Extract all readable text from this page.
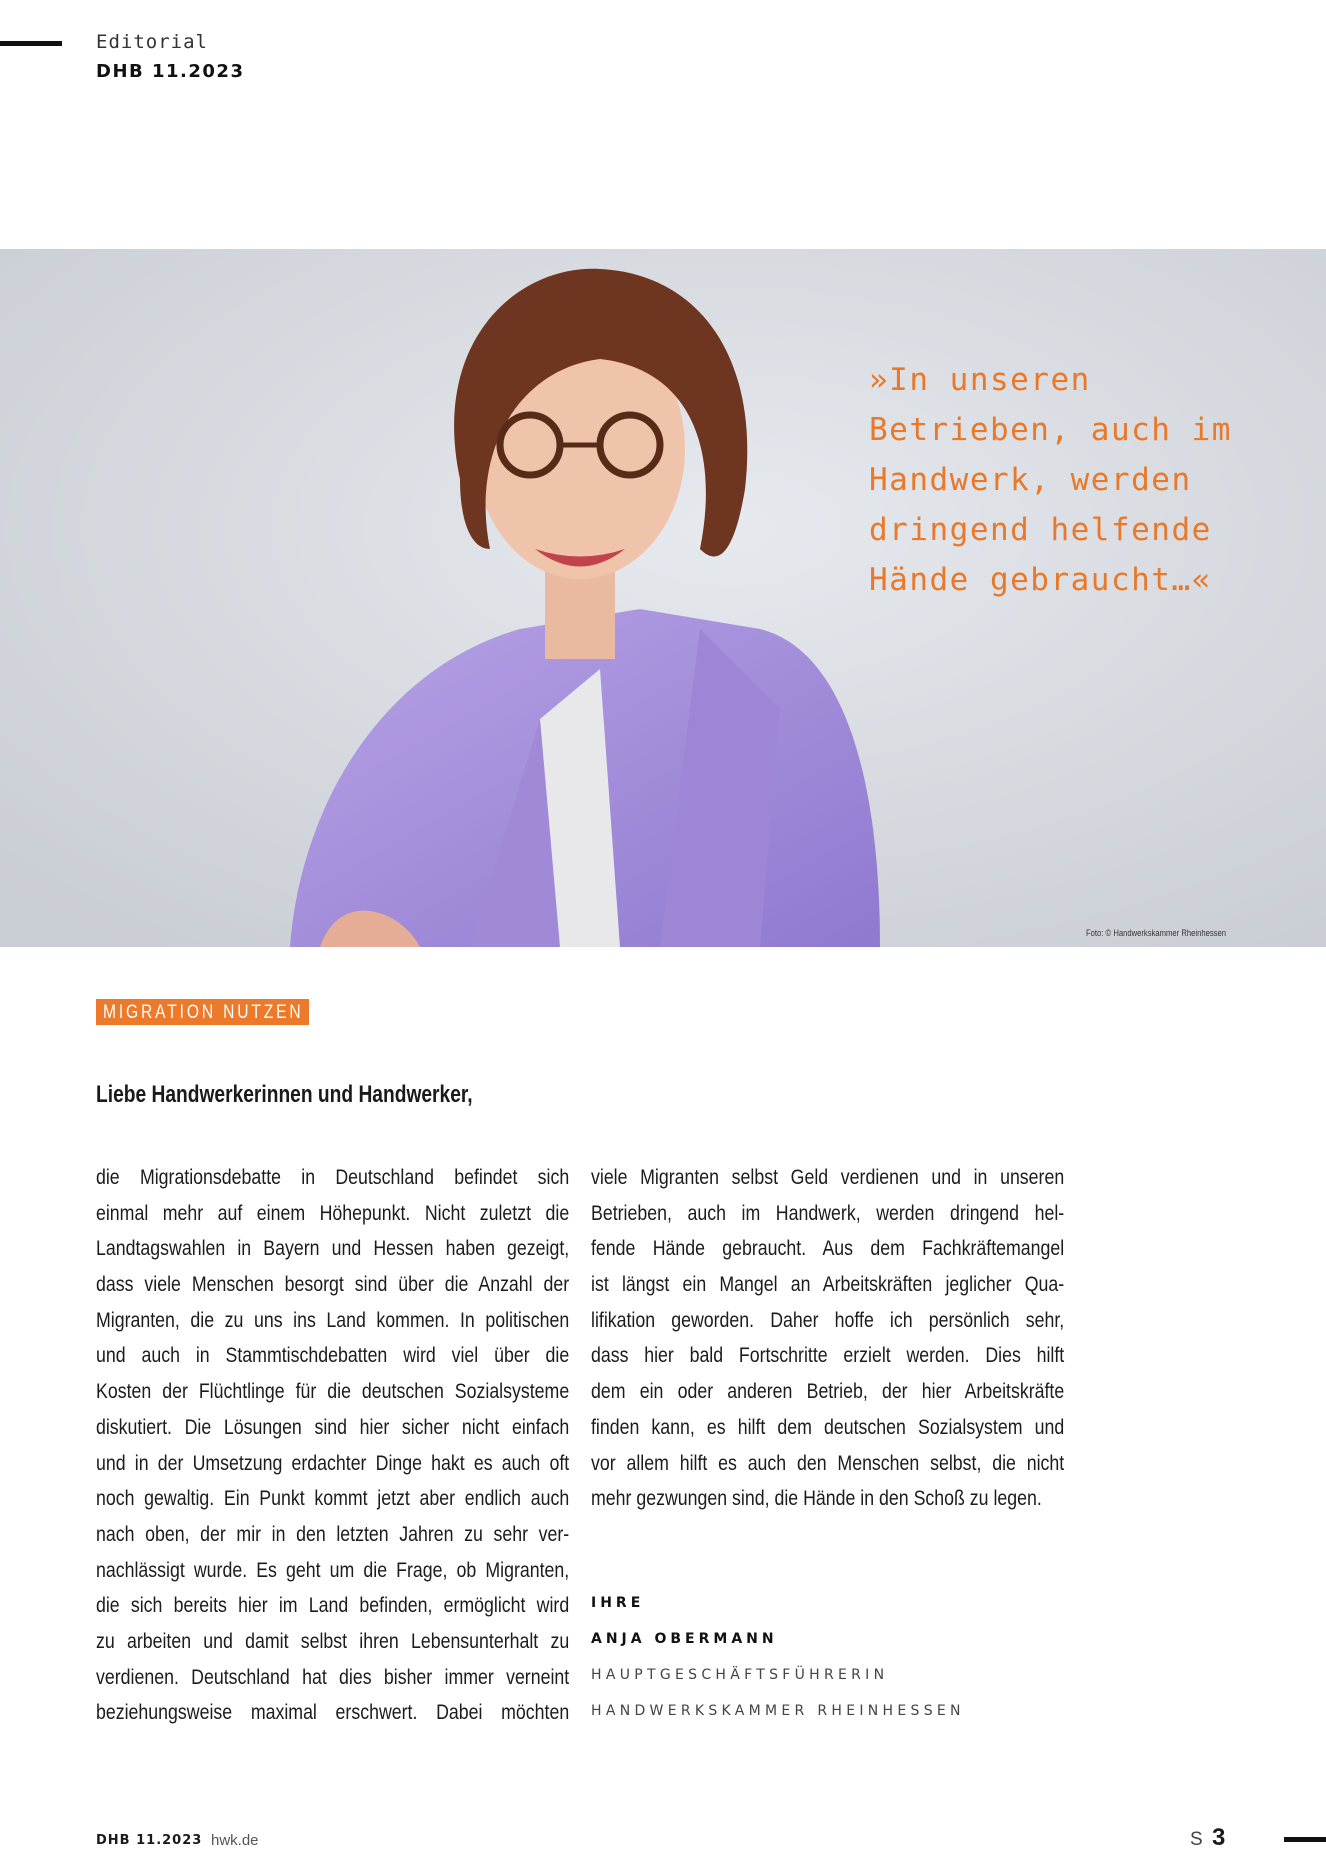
Editorial
DHB 11.2023
»In unseren
Betrieben, auch im
Handwerk, werden
dringend helfende
Hände gebraucht…«
Foto: © Handwerkskammer Rheinhessen
MIGRATION NUTZEN
Liebe Handwerkerinnen und Handwerker,
die Migrationsdebatte in Deutschland befindet sich
einmal mehr auf einem Höhepunkt. Nicht zuletzt die
Landtagswahlen in Bayern und Hessen haben gezeigt,
dass viele Menschen besorgt sind über die Anzahl der
Migranten, die zu uns ins Land kommen. In politischen
und auch in Stammtischdebatten wird viel über die
Kosten der Flüchtlinge für die deutschen Sozialsysteme
diskutiert. Die Lösungen sind hier sicher nicht einfach
und in der Umsetzung erdachter Dinge hakt es auch oft
noch gewaltig. Ein Punkt kommt jetzt aber endlich auch
nach oben, der mir in den letzten Jahren zu sehr ver-
nachlässigt wurde. Es geht um die Frage, ob Migranten,
die sich bereits hier im Land befinden, ermöglicht wird
zu arbeiten und damit selbst ihren Lebensunterhalt zu
verdienen. Deutschland hat dies bisher immer verneint
beziehungsweise maximal erschwert. Dabei möchten
viele Migranten selbst Geld verdienen und in unseren
Betrieben, auch im Handwerk, werden dringend hel-
fende Hände gebraucht. Aus dem Fachkräftemangel
ist längst ein Mangel an Arbeitskräften jeglicher Qua-
lifikation geworden. Daher hoffe ich persönlich sehr,
dass hier bald Fortschritte erzielt werden. Dies hilft
dem ein oder anderen Betrieb, der hier Arbeitskräfte
finden kann, es hilft dem deutschen Sozialsystem und
vor allem hilft es auch den Menschen selbst, die nicht
mehr gezwungen sind, die Hände in den Schoß zu legen.
IHRE
ANJA OBERMANN
HAUPTGESCHÄFTSFÜHRERIN
HANDWERKSKAMMER RHEINHESSEN
DHB 11.2023 hwk.de	S 3
